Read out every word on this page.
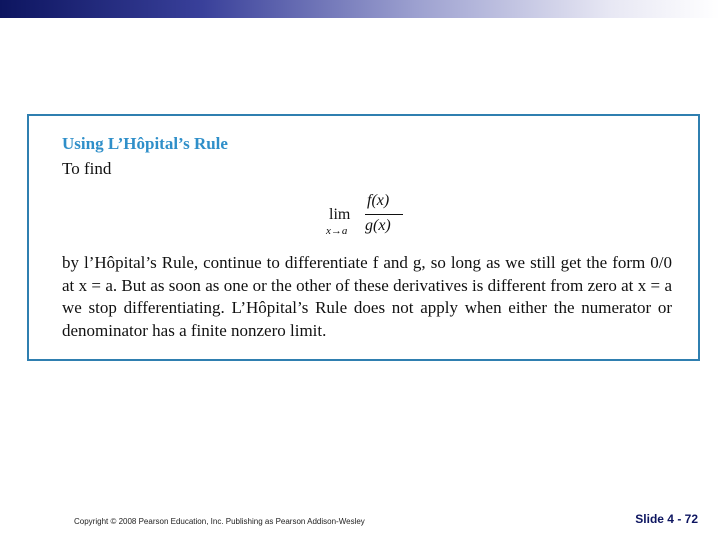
Using L’Hôpital’s Rule
To find
lim
x→a
f(x)
g(x)

by l’Hôpital’s Rule, continue to differentiate f and g, so long as we still get the form 0/0 at x = a. But as soon as one or the other of these derivatives is different from zero at x = a we stop differentiating. L’Hôpital’s Rule does not apply when either the numerator or denominator has a finite nonzero limit.

Copyright © 2008 Pearson Education, Inc. Publishing as Pearson Addison-Wesley	Slide 4 - 72
